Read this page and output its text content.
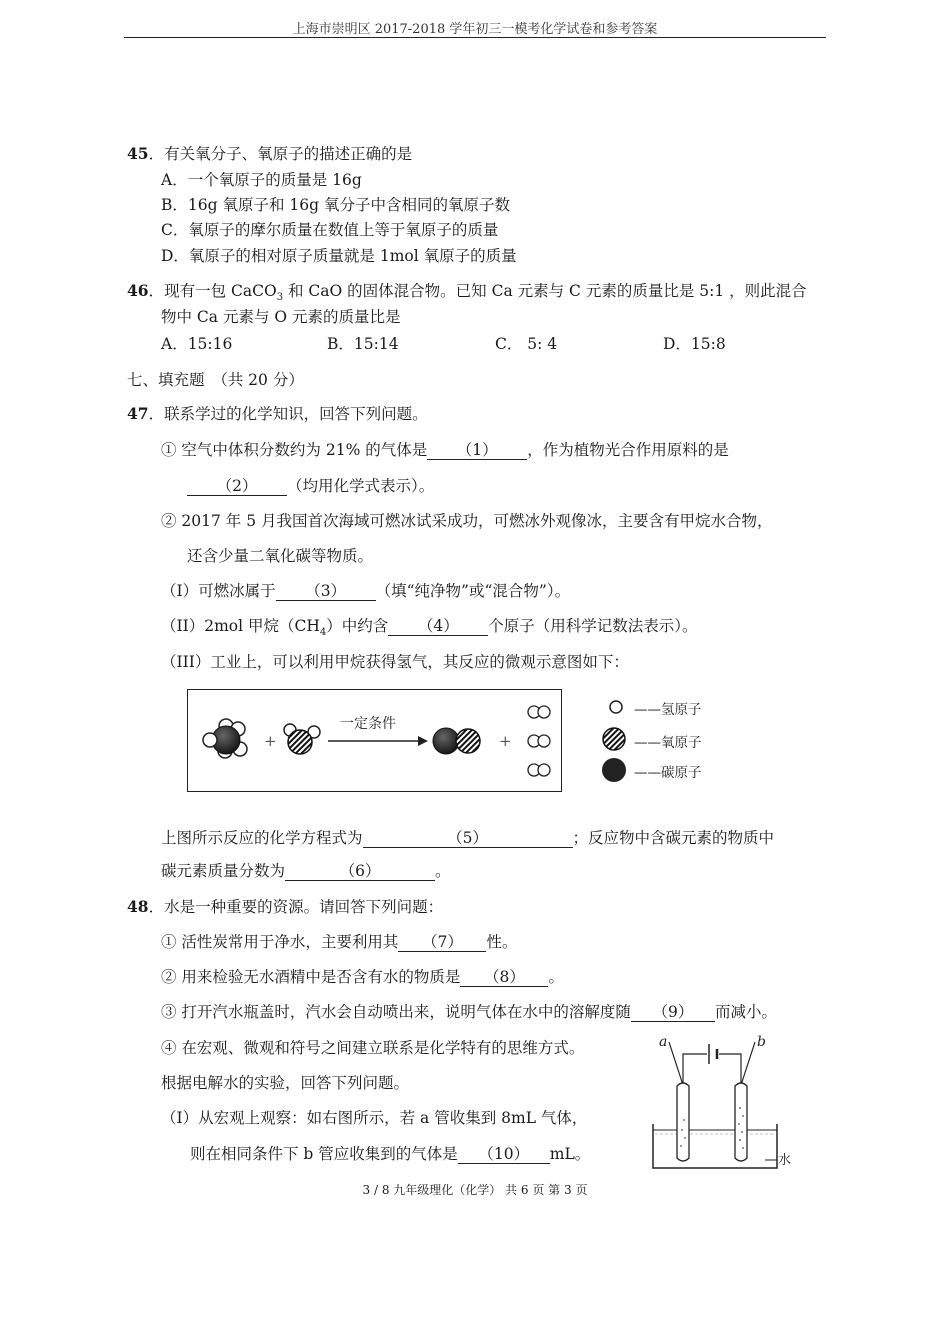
上海市崇明区 2017-2018 学年初三一模考化学试卷和参考答案
45．有关氧分子、氧原子的描述正确的是
A．一个氧原子的质量是 16g
B．16g 氧原子和 16g 氧分子中含相同的氧原子数
C．氧原子的摩尔质量在数值上等于氧原子的质量
D．氧原子的相对原子质量就是 1mol 氧原子的质量
46．现有一包 CaCO$_3$ 和 CaO 的固体混合物。已知 Ca 元素与 C 元素的质量比是 5:1 ，则此混合
物中 Ca 元素与 O 元素的质量比是
A．15:16	B．15:14	C． 5: 4	D．15:8
七、填充题　（共 20 分）
47．联系学过的化学知识，回答下列问题。
① 空气中体积分数约为 21% 的气体是 （1） ，作为植物光合作用原料的是
（2） （均用化学式表示）。
② 2017 年 5 月我国首次海域可燃冰试采成功，可燃冰外观像冰，主要含有甲烷水合物，
还含少量二氧化碳等物质。
（I）可燃冰属于 （3） （填“纯净物”或“混合物”）。
（II）2mol 甲烷$(CH_4)$中约含 （4） 个原子（用科学记数法表示）。
（III）工业上，可以利用甲烷获得氢气，其反应的微观示意图如下：
+
一定条件
+
——氢原子
——氧原子
——碳原子
上图所示反应的化学方程式为	（5）	；反应物中含碳元素的物质中
碳元素质量分数为	（6）	。
48．水是一种重要的资源。请回答下列问题：
① 活性炭常用于净水，主要利用其 （7） 性。
② 用来检验无水酒精中是否含有水的物质是 （8） 。
③ 打开汽水瓶盖时，汽水会自动喷出来，说明气体在水中的溶解度随 （9） 而减小。
④ 在宏观、微观和符号之间建立联系是化学特有的思维方式。
根据电解水的实验，回答下列问题。
（I）从宏观上观察：如右图所示，若 a 管收集到 8mL 气体，
则在相同条件下 b 管应收集到的气体是 （10） mL。
a	b
水
3 / 8 九年级理化（化学） 共 6 页 第 3 页
